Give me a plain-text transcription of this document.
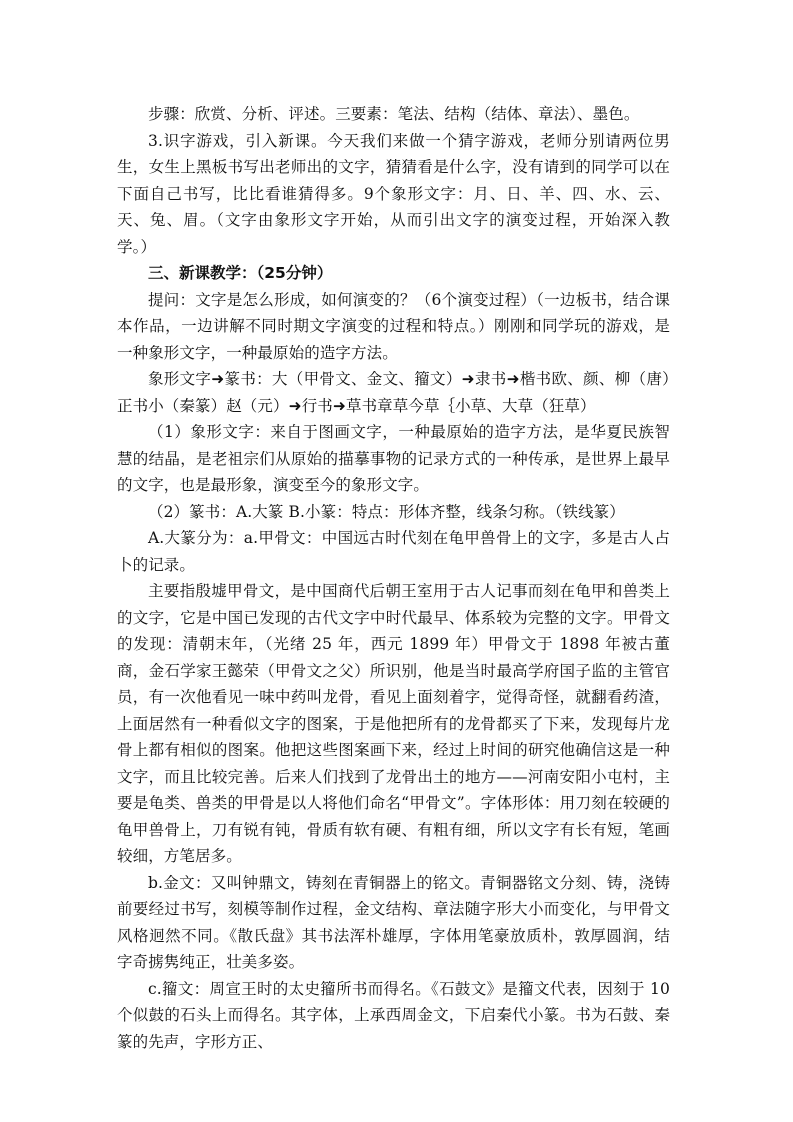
步骤：欣赏、分析、评述。三要素：笔法、结构（结体、章法）、墨色。

3.识字游戏，引入新课。今天我们来做一个猜字游戏，老师分别请两位男生，女生上黑板书写出老师出的文字，猜猜看是什么字，没有请到的同学可以在下面自己书写，比比看谁猜得多。9个象形文字：月、日、羊、四、水、云、天、兔、眉。（文字由象形文字开始，从而引出文字的演变过程，开始深入教学。）

三、新课教学：（25分钟）

提问：文字是怎么形成，如何演变的？（6个演变过程）（一边板书，结合课本作品，一边讲解不同时期文字演变的过程和特点。）刚刚和同学玩的游戏，是一种象形文字，一种最原始的造字方法。

象形文字➜篆书：大（甲骨文、金文、籀文）➜隶书➜楷书欧、颜、柳（唐）正书小（秦篆）赵（元）➜行书➜草书章草今草｛小草、大草（狂草）

（1）象形文字：来自于图画文字，一种最原始的造字方法，是华夏民族智慧的结晶，是老祖宗们从原始的描摹事物的记录方式的一种传承，是世界上最早的文字，也是最形象，演变至今的象形文字。

（2）篆书：A.大篆 B.小篆：特点：形体齐整，线条匀称。（铁线篆）

A.大篆分为：a.甲骨文：中国远古时代刻在龟甲兽骨上的文字，多是古人占卜的记录。

主要指殷墟甲骨文，是中国商代后朝王室用于古人记事而刻在龟甲和兽类上的文字，它是中国已发现的古代文字中时代最早、体系较为完整的文字。甲骨文的发现：清朝末年，（光绪 25 年，西元 1899 年）甲骨文于 1898 年被古董商，金石学家王懿荣（甲骨文之父）所识别，他是当时最高学府国子监的主管官员，有一次他看见一味中药叫龙骨，看见上面刻着字，觉得奇怪，就翻看药渣，上面居然有一种看似文字的图案，于是他把所有的龙骨都买了下来，发现每片龙骨上都有相似的图案。他把这些图案画下来，经过上时间的研究他确信这是一种文字，而且比较完善。后来人们找到了龙骨出土的地方——河南安阳小屯村，主要是龟类、兽类的甲骨是以人将他们命名“甲骨文”。字体形体：用刀刻在较硬的龟甲兽骨上，刀有锐有钝，骨质有软有硬、有粗有细，所以文字有长有短，笔画较细，方笔居多。

b.金文：又叫钟鼎文，铸刻在青铜器上的铭文。青铜器铭文分刻、铸，浇铸前要经过书写，刻模等制作过程，金文结构、章法随字形大小而变化，与甲骨文风格迥然不同。《散氏盘》其书法浑朴雄厚，字体用笔豪放质朴，敦厚圆润，结字奇掳隽纯正，壮美多姿。

c.籀文：周宣王时的太史籀所书而得名。《石鼓文》是籀文代表，因刻于 10 个似鼓的石头上而得名。其字体，上承西周金文，下启秦代小篆。书为石鼓、秦篆的先声，字形方正、
